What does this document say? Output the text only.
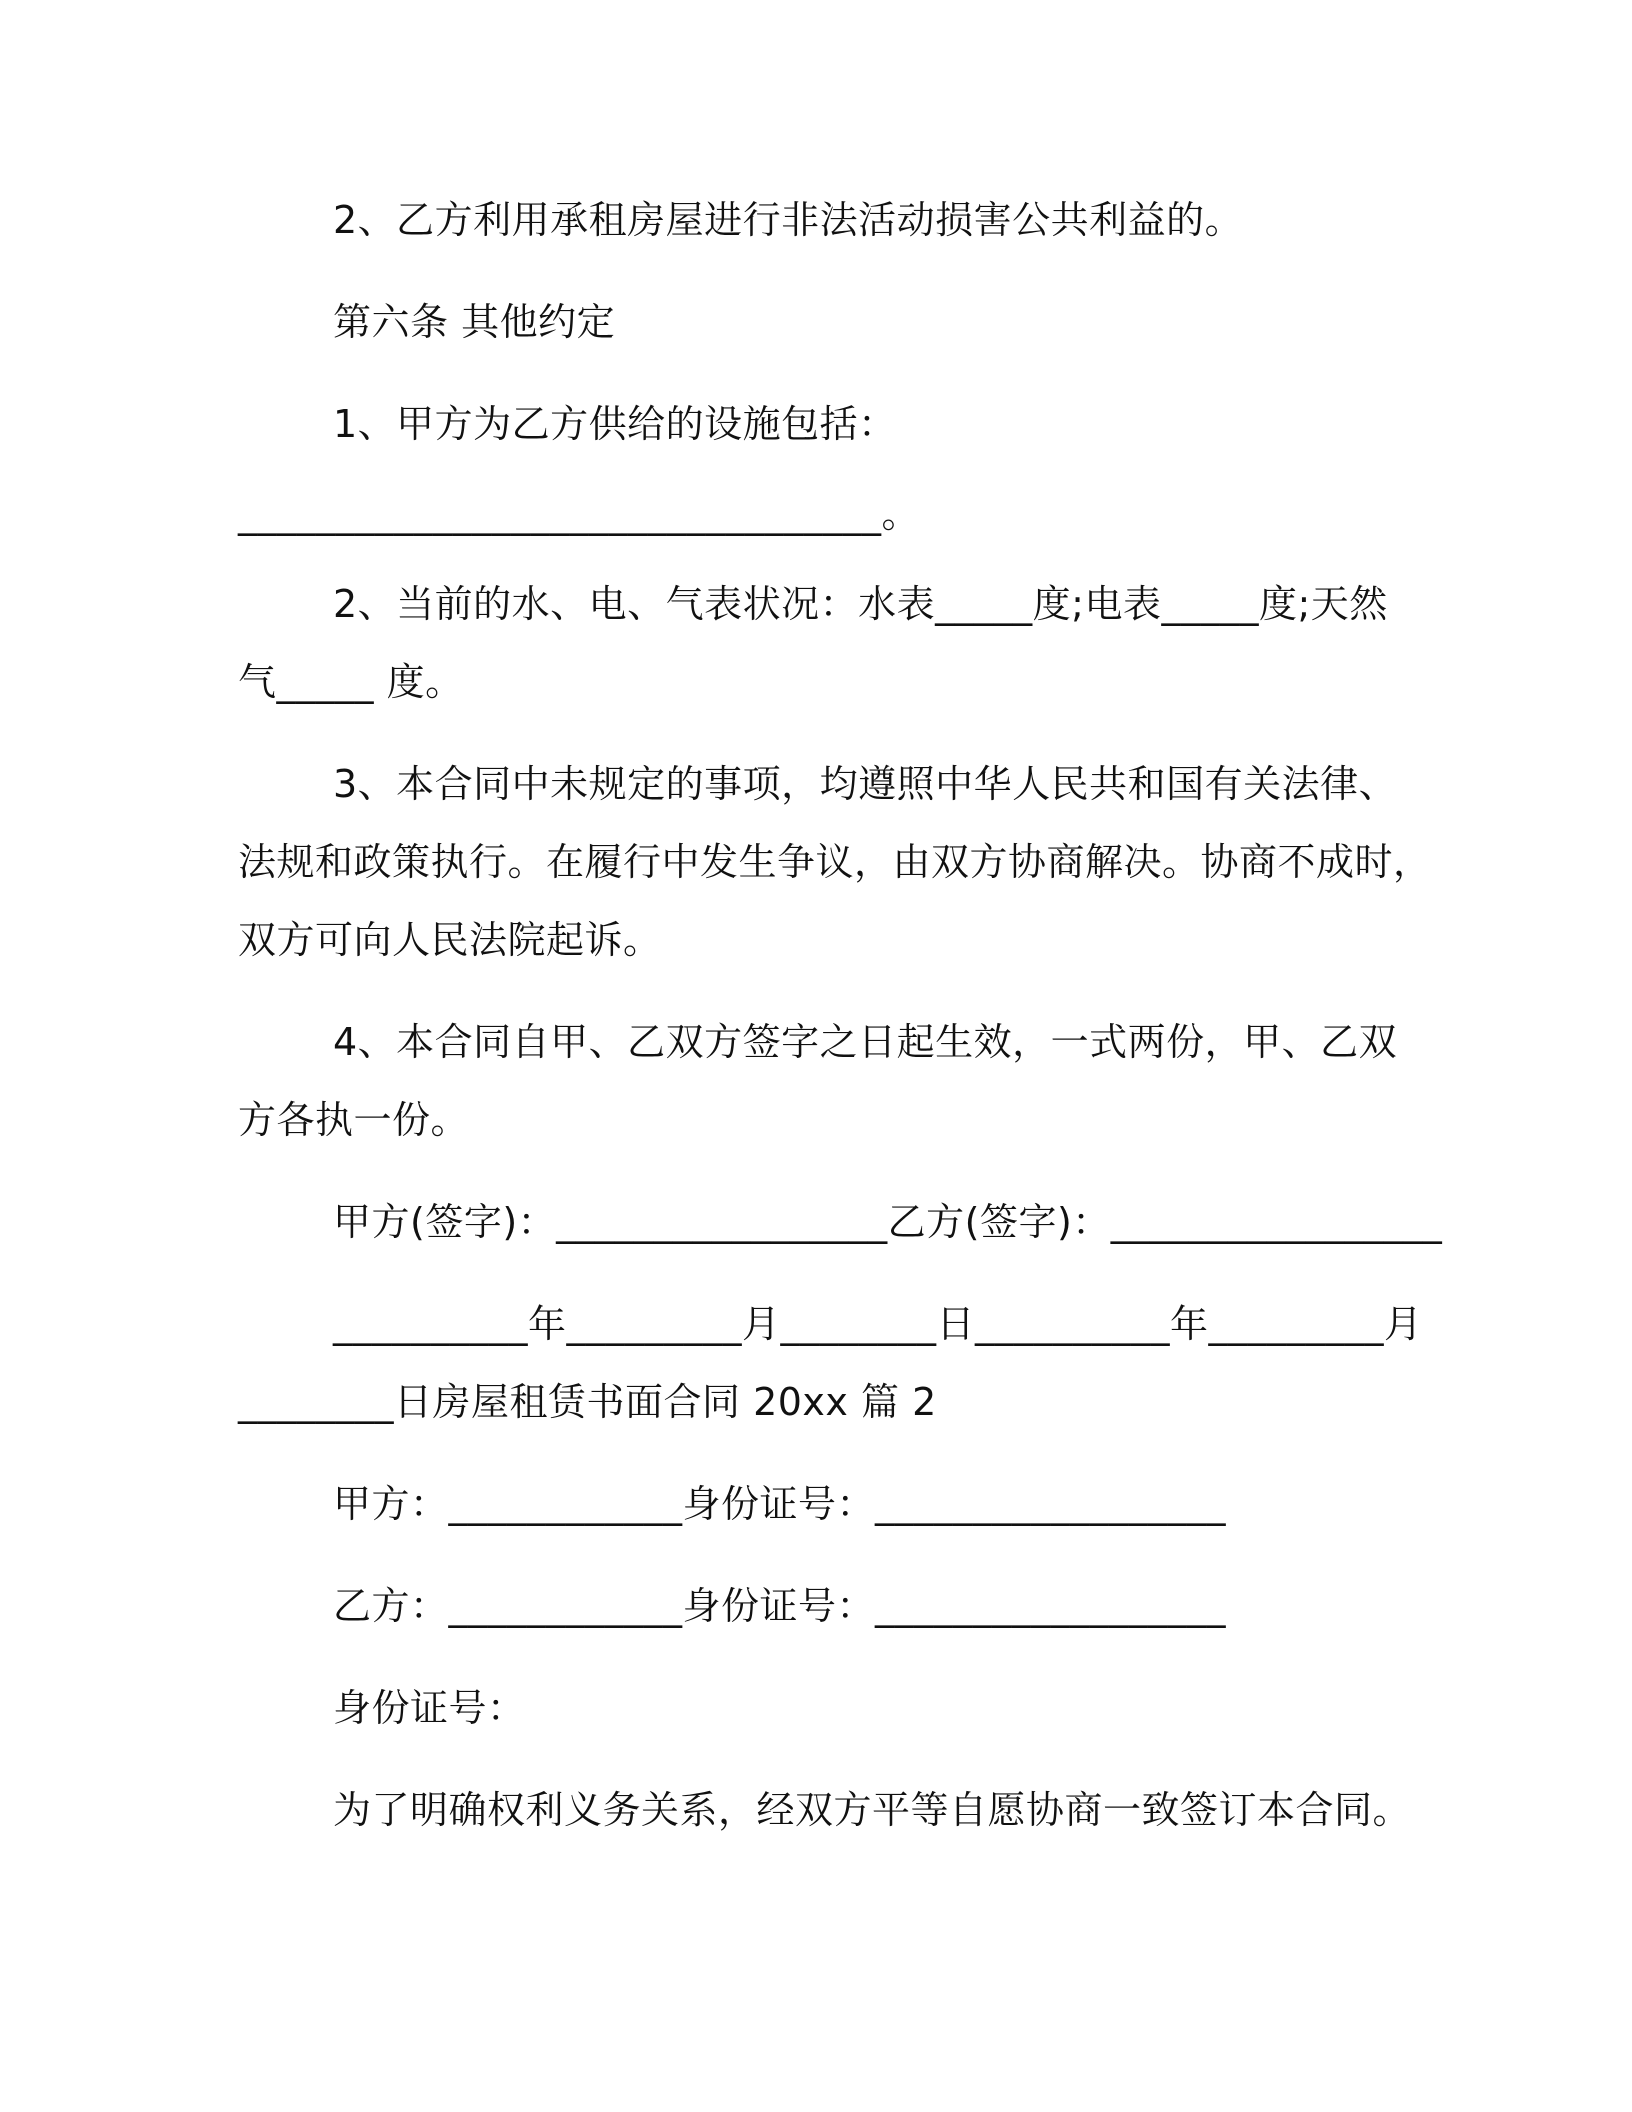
2、乙方利用承租房屋进行非法活动损害公共利益的。
第六条 其他约定
1、甲方为乙方供给的设施包括：
_________________________________。
2、当前的水、电、气表状况：水表_____度;电表_____度;天然
气_____ 度。
3、本合同中未规定的事项，均遵照中华人民共和国有关法律、
法规和政策执行。在履行中发生争议，由双方协商解决。协商不成时，
双方可向人民法院起诉。
4、本合同自甲、乙双方签字之日起生效，一式两份，甲、乙双
方各执一份。
甲方(签字)：_________________乙方(签字)：_________________
__________年_________月________日__________年_________月
________日房屋租赁书面合同 20xx 篇 2
甲方：____________身份证号：__________________
乙方：____________身份证号：__________________
身份证号：
为了明确权利义务关系，经双方平等自愿协商一致签订本合同。
